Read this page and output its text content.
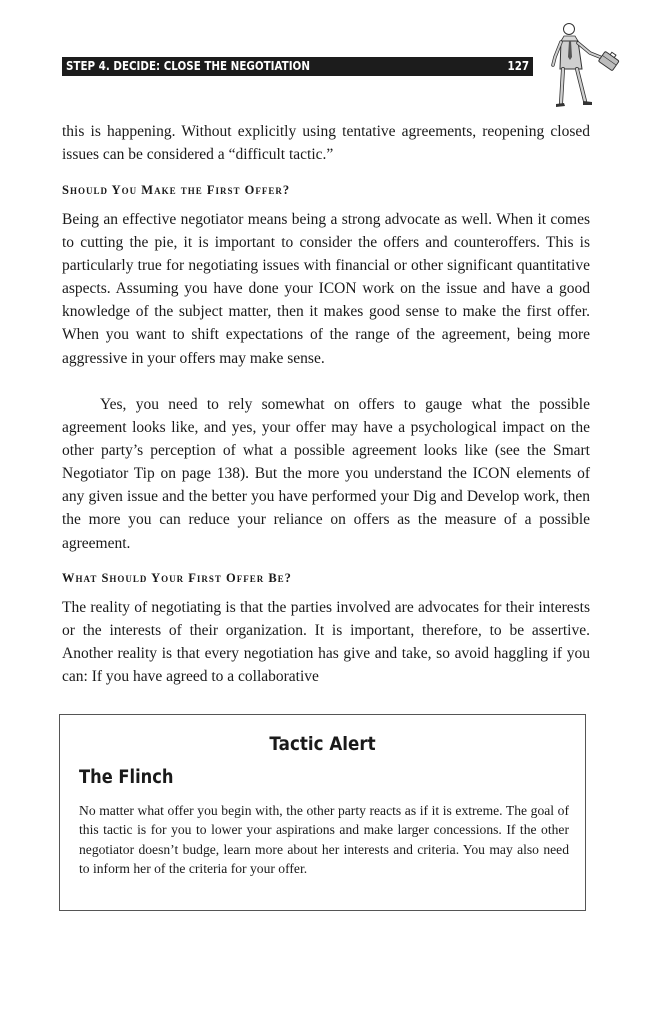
STEP 4. DECIDE: CLOSE THE NEGOTIATION	127

this is happening. Without explicitly using tentative agreements, reopening closed issues can be considered a “difficult tactic.”

Should You Make the First Offer?

Being an effective negotiator means being a strong advocate as well. When it comes to cutting the pie, it is important to consider the offers and counteroffers. This is particularly true for negotiating issues with financial or other significant quantitative aspects. Assuming you have done your ICON work on the issue and have a good knowledge of the subject matter, then it makes good sense to make the first offer. When you want to shift expectations of the range of the agreement, being more aggressive in your offers may make sense.

Yes, you need to rely somewhat on offers to gauge what the possible agreement looks like, and yes, your offer may have a psychological impact on the other party’s perception of what a possible agreement looks like (see the Smart Negotiator Tip on page 138). But the more you understand the ICON elements of any given issue and the better you have performed your Dig and Develop work, then the more you can reduce your reliance on offers as the measure of a possible agreement.

What Should Your First Offer Be?

The reality of negotiating is that the parties involved are advocates for their interests or the interests of their organization. It is important, therefore, to be assertive. Another reality is that every negotiation has give and take, so avoid haggling if you can: If you have agreed to a collaborative

Tactic Alert
The Flinch

No matter what offer you begin with, the other party reacts as if it is extreme. The goal of this tactic is for you to lower your aspirations and make larger concessions. If the other negotiator doesn’t budge, learn more about her interests and criteria. You may also need to inform her of the criteria for your offer.
